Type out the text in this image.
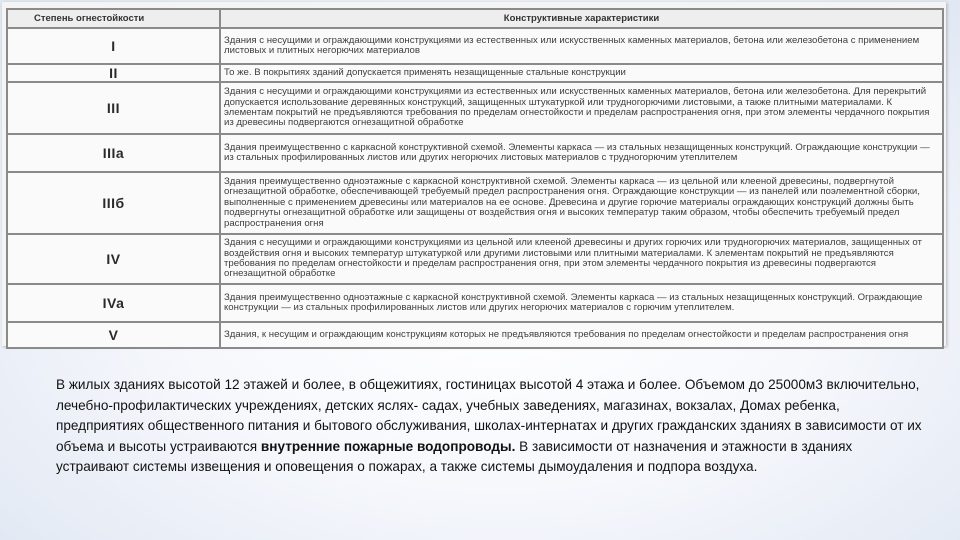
Степень огнестойкости	Конструктивные характеристики
I	Здания с несущими и ограждающими конструкциями из естественных или искусственных каменных материалов, бетона или железобетона с применением листовых и плитных негорючих материалов
II	То же. В покрытиях зданий допускается применять незащищенные стальные конструкции
III	Здания с несущими и ограждающими конструкциями из естественных или искусственных каменных материалов, бетона или железобетона. Для перекрытий допускается использование деревянных конструкций, защищенных штукатуркой или трудногорючими листовыми, а также плитными материалами. К элементам покрытий не предъявляются требования по пределам огнестойкости и пределам распространения огня, при этом элементы чердачного покрытия из древесины подвергаются огнезащитной обработке
IIIa	Здания преимущественно с каркасной конструктивной схемой. Элементы каркаса — из стальных незащищенных конструкций. Ограждающие конструкции — из стальных профилированных листов или других негорючих листовых материалов с трудногорючим утеплителем
IIIб	Здания преимущественно одноэтажные с каркасной конструктивной схемой. Элементы каркаса — из цельной или клееной древесины, подвергнутой огнезащитной обработке, обеспечивающей требуемый предел распространения огня. Ограждающие конструкции — из панелей или поэлементной сборки, выполненные с применением древесины или материалов на ее основе. Древесина и другие горючие материалы ограждающих конструкций должны быть подвергнуты огнезащитной обработке или защищены от воздействия огня и высоких температур таким образом, чтобы обеспечить требуемый предел распространения огня
IV	Здания с несущими и ограждающими конструкциями из цельной или клееной древесины и других горючих или трудногорючих материалов, защищенных от воздействия огня и высоких температур штукатуркой или другими листовыми или плитными материалами. К элементам покрытий не предъявляются требования по пределам огнестойкости и пределам распространения огня, при этом элементы чердачного покрытия из древесины подвергаются огнезащитной обработке
IVa	Здания преимущественно одноэтажные с каркасной конструктивной схемой. Элементы каркаса — из стальных незащищенных конструкций. Ограждающие конструкции — из стальных профилированных листов или других негорючих материалов с горючим утеплителем.
V	Здания, к несущим и ограждающим конструкциям которых не предъявляются требования по пределам огнестойкости и пределам распространения огня
В жилых зданиях высотой 12 этажей и более, в общежитиях, гостиницах высотой 4 этажа и более. Объемом до 25000м3 включительно, лечебно-профилактических учреждениях, детских яслях- садах, учебных заведениях, магазинах, вокзалах, Домах ребенка, предприятиях общественного питания и бытового обслуживания, школах-интернатах и других гражданских зданиях в зависимости от их объема и высоты устраиваются внутренние пожарные водопроводы. В зависимости от назначения и этажности в зданиях устраивают системы извещения и оповещения о пожарах, а также системы дымоудаления и подпора воздуха.
